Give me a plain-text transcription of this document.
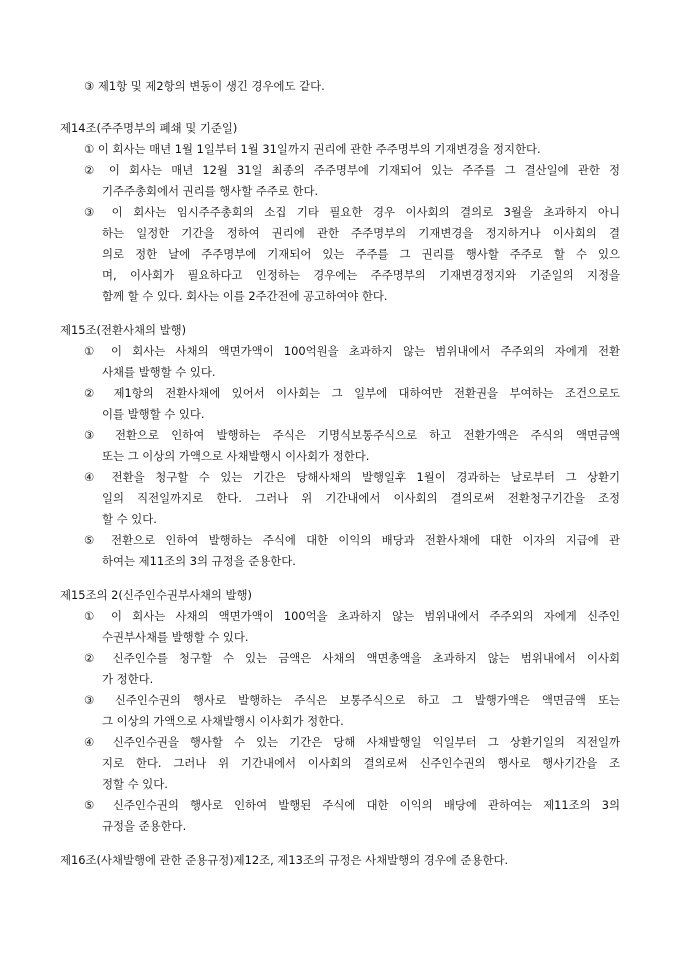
③ 제1항 및 제2항의 변동이 생긴 경우에도 같다.
제14조(주주명부의 폐쇄 및 기준일)
① 이 회사는 매년 1월 1일부터 1월 31일까지 권리에 관한 주주명부의 기재변경을 정지한다.
② 이 회사는 매년 12월 31일 최종의 주주명부에 기재되어 있는 주주를 그 결산일에 관한 정
기주주총회에서 권리를 행사할 주주로 한다.
③ 이 회사는 임시주주총회의 소집 기타 필요한 경우 이사회의 결의로 3월을 초과하지 아니
하는 일정한 기간을 정하여 권리에 관한 주주명부의 기재변경을 정지하거나 이사회의 결
의로 정한 날에 주주명부에 기재되어 있는 주주를 그 권리를 행사할 주주로 할 수 있으
며, 이사회가 필요하다고 인정하는 경우에는 주주명부의 기재변경정지와 기준일의 지정을
함께 할 수 있다. 회사는 이를 2주간전에 공고하여야 한다.
제15조(전환사채의 발행)
① 이 회사는 사채의 액면가액이 100억원을 초과하지 않는 범위내에서 주주외의 자에게 전환
사채를 발행할 수 있다.
② 제1항의 전환사채에 있어서 이사회는 그 일부에 대하여만 전환권을 부여하는 조건으로도
이를 발행할 수 있다.
③ 전환으로 인하여 발행하는 주식은 기명식보통주식으로 하고 전환가액은 주식의 액면금액
또는 그 이상의 가액으로 사채발행시 이사회가 정한다.
④ 전환을 청구할 수 있는 기간은 당해사채의 발행일후 1월이 경과하는 날로부터 그 상환기
일의 직전일까지로 한다. 그러나 위 기간내에서 이사회의 결의로써 전환청구기간을 조정
할 수 있다.
⑤ 전환으로 인하여 발행하는 주식에 대한 이익의 배당과 전환사채에 대한 이자의 지급에 관
하여는 제11조의 3의 규정을 준용한다.
제15조의 2(신주인수권부사채의 발행)
① 이 회사는 사채의 액면가액이 100억을 초과하지 않는 범위내에서 주주외의 자에게 신주인
수권부사채를 발행할 수 있다.
② 신주인수를 청구할 수 있는 금액은 사채의 액면총액을 초과하지 않는 범위내에서 이사회
가 정한다.
③ 신주인수권의 행사로 발행하는 주식은 보통주식으로 하고 그 발행가액은 액면금액 또는
그 이상의 가액으로 사채발행시 이사회가 정한다.
④ 신주인수권을 행사할 수 있는 기간은 당해 사채발행일 익일부터 그 상환기일의 직전일까
지로 한다. 그러나 위 기간내에서 이사회의 결의로써 신주인수권의 행사로 행사기간을 조
정할 수 있다.
⑤ 신주인수권의 행사로 인하여 발행된 주식에 대한 이익의 배당에 관하여는 제11조의 3의
규정을 준용한다.
제16조(사채발행에 관한 준용규정)제12조, 제13조의 규정은 사채발행의 경우에 준용한다.
